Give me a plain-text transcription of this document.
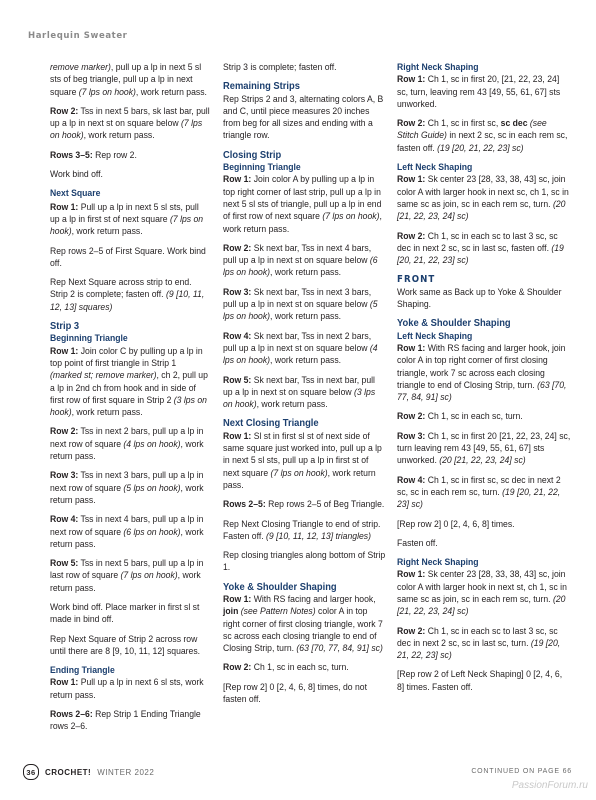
Harlequin Sweater
remove marker), pull up a lp in next 5 sl sts of beg triangle, pull up a lp in next square (7 lps on hook), work return pass.
Row 2: Tss in next 5 bars, sk last bar, pull up a lp in next st on square below (7 lps on hook), work return pass.
Rows 3–5: Rep row 2.
Work bind off.
Next Square
Row 1: Pull up a lp in next 5 sl sts, pull up a lp in first st of next square (7 lps on hook), work return pass.
Rep rows 2–5 of First Square. Work bind off.
Rep Next Square across strip to end. Strip 2 is complete; fasten off. (9 [10, 11, 12, 13] squares)
Strip 3
Beginning Triangle
Row 1: Join color C by pulling up a lp in top point of first triangle in Strip 1 (marked st; remove marker), ch 2, pull up a lp in 2nd ch from hook and in side of first row of first square in Strip 2 (3 lps on hook), work return pass.
Row 2: Tss in next 2 bars, pull up a lp in next row of square (4 lps on hook), work return pass.
Row 3: Tss in next 3 bars, pull up a lp in next row of square (5 lps on hook), work return pass.
Row 4: Tss in next 4 bars, pull up a lp in next row of square (6 lps on hook), work return pass.
Row 5: Tss in next 5 bars, pull up a lp in last row of square (7 lps on hook), work return pass.
Work bind off. Place marker in first sl st made in bind off.
Rep Next Square of Strip 2 across row until there are 8 [9, 10, 11, 12] squares.
Ending Triangle
Row 1: Pull up a lp in next 6 sl sts, work return pass.
Rows 2–6: Rep Strip 1 Ending Triangle rows 2–6.
Strip 3 is complete; fasten off.
Remaining Strips
Rep Strips 2 and 3, alternating colors A, B and C, until piece measures 20 inches from beg for all sizes and ending with a triangle row.
Closing Strip
Beginning Triangle
Row 1: Join color A by pulling up a lp in top right corner of last strip, pull up a lp in next 5 sl sts of triangle, pull up a lp in end of first row of next square (7 lps on hook), work return pass.
Row 2: Sk next bar, Tss in next 4 bars, pull up a lp in next st on square below (6 lps on hook), work return pass.
Row 3: Sk next bar, Tss in next 3 bars, pull up a lp in next st on square below (5 lps on hook), work return pass.
Row 4: Sk next bar, Tss in next 2 bars, pull up a lp in next st on square below (4 lps on hook), work return pass.
Row 5: Sk next bar, Tss in next bar, pull up a lp in next st on square below (3 lps on hook), work return pass.
Next Closing Triangle
Row 1: Sl st in first sl st of next side of same square just worked into, pull up a lp in next 5 sl sts, pull up a lp in first st of next square (7 lps on hook), work return pass.
Rows 2–5: Rep rows 2–5 of Beg Triangle.
Rep Next Closing Triangle to end of strip. Fasten off. (9 [10, 11, 12, 13] triangles)
Rep closing triangles along bottom of Strip 1.
Yoke & Shoulder Shaping
Row 1: With RS facing and larger hook, join (see Pattern Notes) color A in top right corner of first closing triangle, work 7 sc across each closing triangle to end of Closing Strip, turn. (63 [70, 77, 84, 91] sc)
Row 2: Ch 1, sc in each sc, turn.
[Rep row 2] 0 [2, 4, 6, 8] times, do not fasten off.
Right Neck Shaping
Row 1: Ch 1, sc in first 20, [21, 22, 23, 24] sc, turn, leaving rem 43 [49, 55, 61, 67] sts unworked.
Row 2: Ch 1, sc in first sc, sc dec (see Stitch Guide) in next 2 sc, sc in each rem sc, fasten off. (19 [20, 21, 22, 23] sc)
Left Neck Shaping
Row 1: Sk center 23 [28, 33, 38, 43] sc, join color A with larger hook in next sc, ch 1, sc in same sc as join, sc in each rem sc, turn. (20 [21, 22, 23, 24] sc)
Row 2: Ch 1, sc in each sc to last 3 sc, sc dec in next 2 sc, sc in last sc, fasten off. (19 [20, 21, 22, 23] sc)
FRONT
Work same as Back up to Yoke & Shoulder Shaping.
Yoke & Shoulder Shaping
Left Neck Shaping
Row 1: With RS facing and larger hook, join color A in top right corner of first closing triangle, work 7 sc across each closing triangle to end of Closing Strip, turn. (63 [70, 77, 84, 91] sc)
Row 2: Ch 1, sc in each sc, turn.
Row 3: Ch 1, sc in first 20 [21, 22, 23, 24] sc, turn leaving rem 43 [49, 55, 61, 67] sts unworked. (20 [21, 22, 23, 24] sc)
Row 4: Ch 1, sc in first sc, sc dec in next 2 sc, sc in each rem sc, turn. (19 [20, 21, 22, 23] sc)
[Rep row 2] 0 [2, 4, 6, 8] times.
Fasten off.
Right Neck Shaping
Row 1: Sk center 23 [28, 33, 38, 43] sc, join color A with larger hook in next st, ch 1, sc in same sc as join, sc in each rem sc, turn. (20 [21, 22, 23, 24] sc)
Row 2: Ch 1, sc in each sc to last 3 sc, sc dec in next 2 sc, sc in last sc, turn. (19 [20, 21, 22, 23] sc)
[Rep row 2 of Left Neck Shaping] 0 [2, 4, 6, 8] times. Fasten off.
36	CROCHET! WINTER 2022	CONTINUED ON PAGE 66
PassionForum.ru
